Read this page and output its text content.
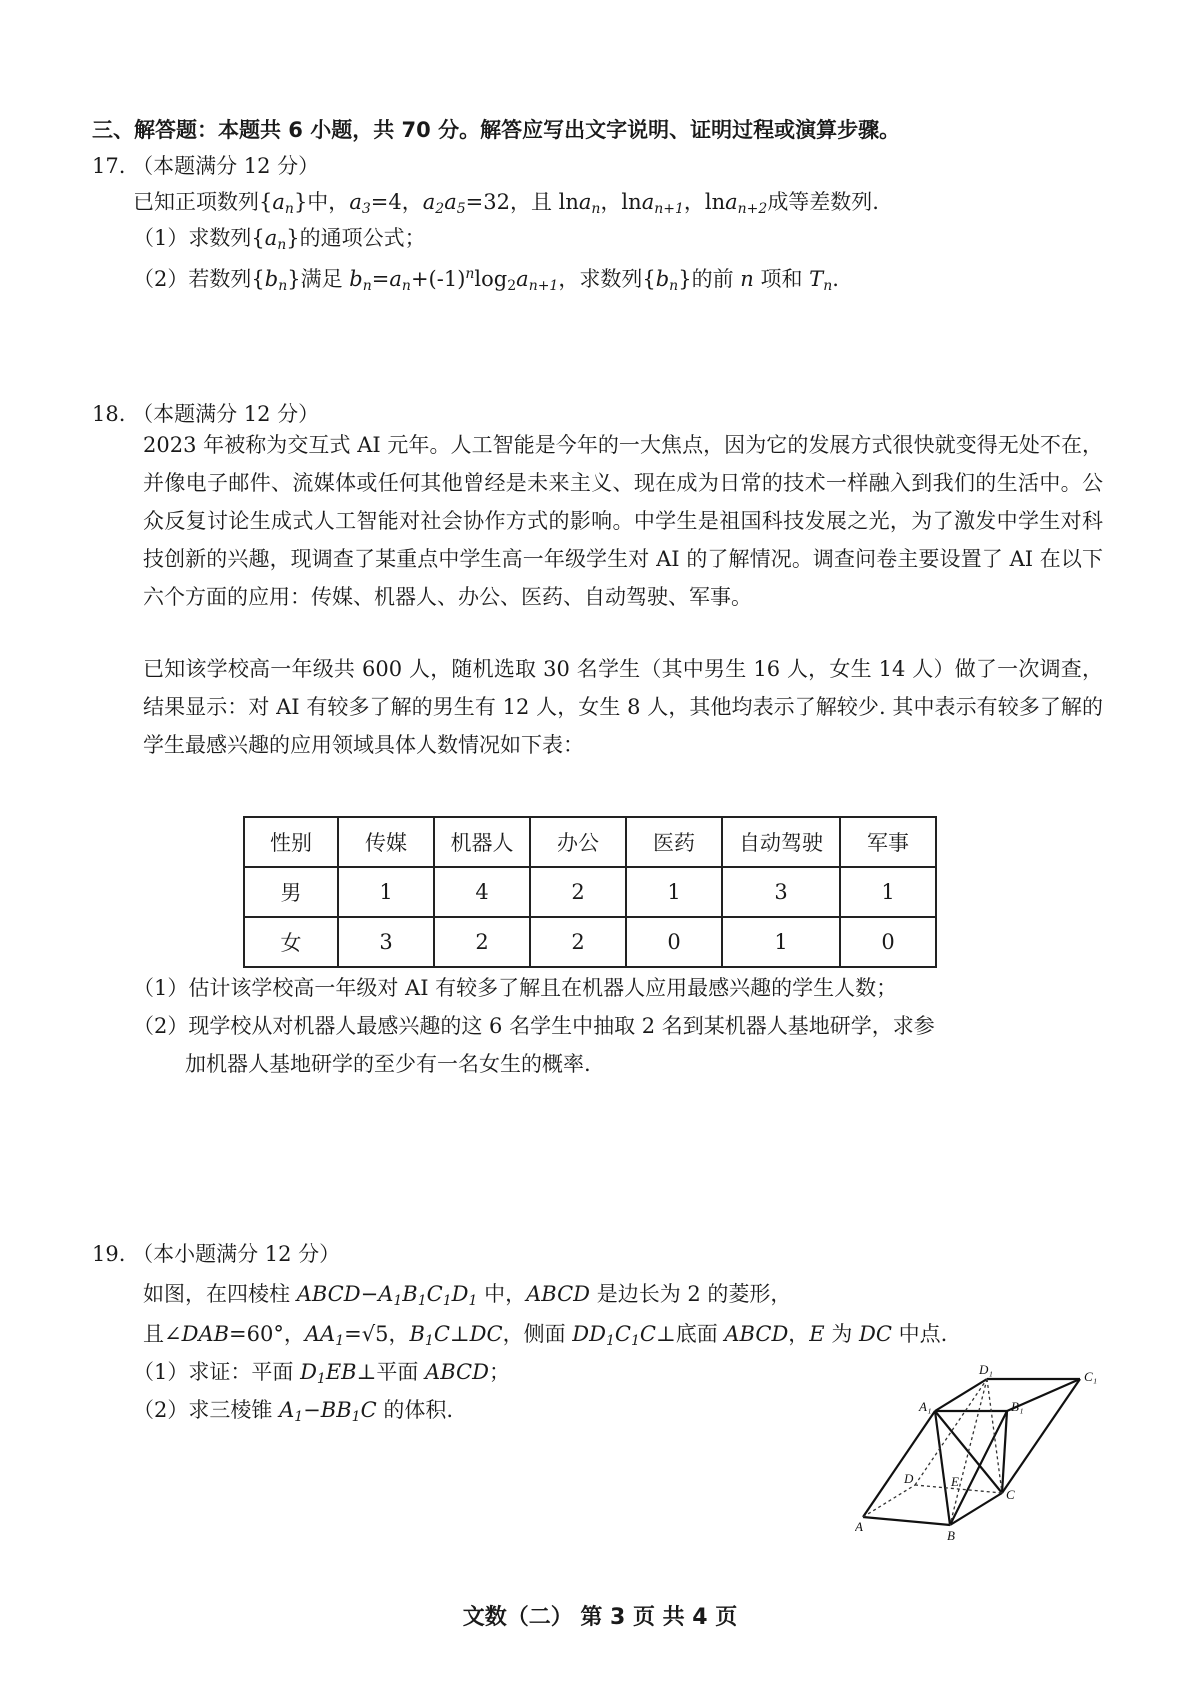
三、解答题：本题共 6 小题，共 70 分。解答应写出文字说明、证明过程或演算步骤。
17. （本题满分 12 分）
已知正项数列$\{a_n\}$中，$a_3=4$，$a_2a_5=32$，且 lna$_n$，lna$_{n+1}$，lna$_{n+2}$成等差数列.
（1）求数列$\{a_n\}$的通项公式；
（2）若数列$\{b_n\}$满足 $b_n=a_n+(-1)^n\log_2a_{n+1}$，求数列$\{b_n\}$的前 n 项和 $T_n$.
18. （本题满分 12 分）
2023 年被称为交互式 AI 元年。人工智能是今年的一大焦点，因为它的发展方式很快就变得无处不在，并像电子邮件、流媒体或任何其他曾经是未来主义、现在成为日常的技术一样融入到我们的生活中。公众反复讨论生成式人工智能对社会协作方式的影响。中学生是祖国科技发展之光，为了激发中学生对科技创新的兴趣，现调查了某重点中学生高一年级学生对 AI 的了解情况。调查问卷主要设置了 AI 在以下六个方面的应用：传媒、机器人、办公、医药、自动驾驶、军事。
已知该学校高一年级共 600 人，随机选取 30 名学生（其中男生 16 人，女生 14 人）做了一次调查，结果显示：对 AI 有较多了解的男生有 12 人，女生 8 人，其他均表示了解较少. 其中表示有较多了解的学生最感兴趣的应用领域具体人数情况如下表：
性别	传媒	机器人	办公	医药	自动驾驶	军事
男	1	4	2	1	3	1
女	3	2	2	0	1	0
（1）估计该学校高一年级对 AI 有较多了解且在机器人应用最感兴趣的学生人数；
（2）现学校从对机器人最感兴趣的这 6 名学生中抽取 2 名到某机器人基地研学，求参
加机器人基地研学的至少有一名女生的概率.
19. （本小题满分 12 分）
如图，在四棱柱 $ABCD-A_1B_1C_1D_1$ 中，ABCD 是边长为 2 的菱形，
且∠DAB=60°，$AA_1=√5$，$B_1C\perp DC$，侧面 $DD_1C_1C\perp$底面 ABCD，E 为 DC 中点.
（1）求证：平面 $D_1EB\perp$平面 ABCD；
（2）求三棱锥 $A_1-BB_1C$ 的体积.
A
B
C
D	E
A₁	B₁
C₁
D₁
文数（二） 第 3 页 共 4 页
